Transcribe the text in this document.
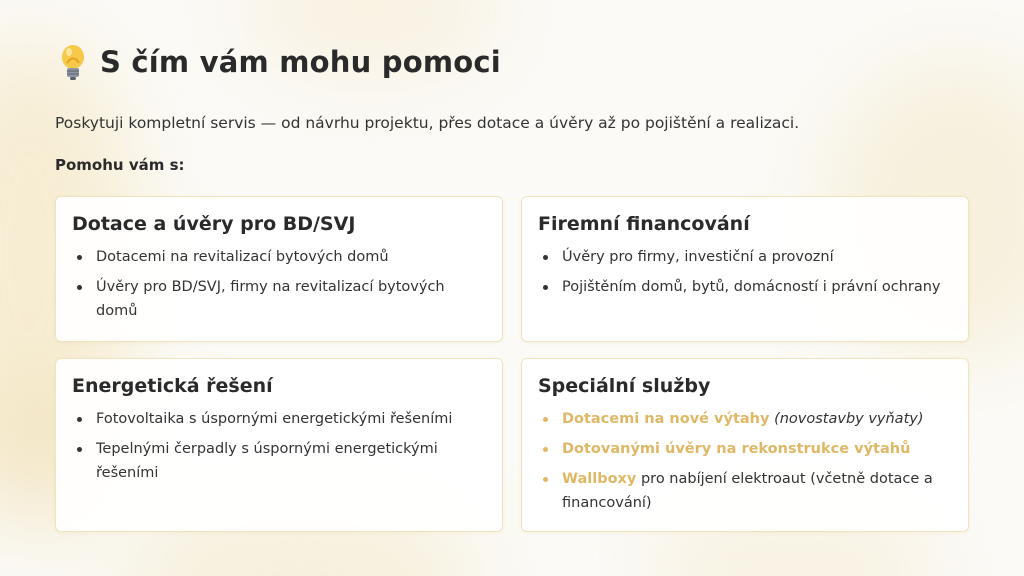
S čím vám mohu pomoci

Poskytuji kompletní servis — od návrhu projektu, přes dotace a úvěry až po pojištění a realizaci.

Pomohu vám s:

Dotace a úvěry pro BD/SVJ
Dotacemi na revitalizací bytových domů
Úvěry pro BD/SVJ, firmy na revitalizací bytových domů
Firemní financování
Úvěry pro firmy, investiční a provozní
Pojištěním domů, bytů, domácností i právní ochrany
Energetická řešení
Fotovoltaika s úspornými energetickými řešeními
Tepelnými čerpadly s úspornými energetickými řešeními
Speciální služby
Dotacemi na nové výtahy (novostavby vyňaty)
Dotovanými úvěry na rekonstrukce výtahů
Wallboxy pro nabíjení elektroaut (včetně dotace a financování)
